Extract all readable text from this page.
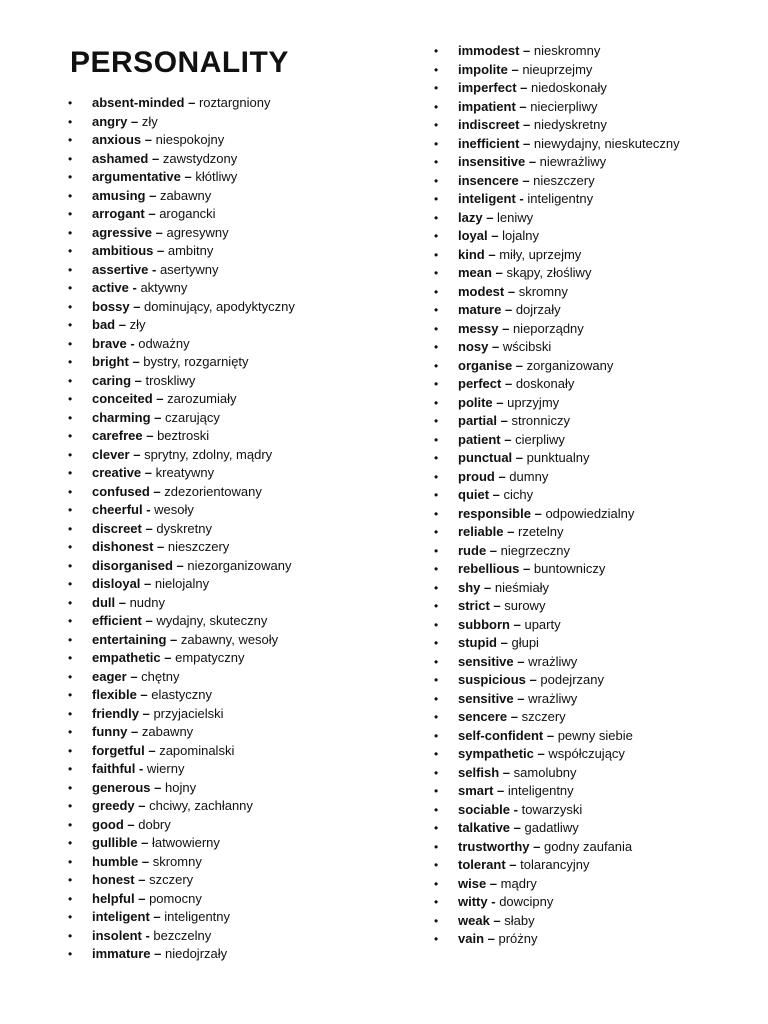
PERSONALITY
• absent-minded – roztargniony
• angry – zły
• anxious – niespokojny
• ashamed – zawstydzony
• argumentative – kłótliwy
• amusing – zabawny
• arrogant – arogancki
• agressive – agresywny
• ambitious – ambitny
• assertive - asertywny
• active - aktywny
• bossy – dominujący, apodyktyczny
• bad – zły
• brave - odważny
• bright – bystry, rozgarnięty
• caring – troskliwy
• conceited – zarozumiały
• charming – czarujący
• carefree – beztroski
• clever – sprytny, zdolny, mądry
• creative – kreatywny
• confused – zdezorientowany
• cheerful - wesoły
• discreet – dyskretny
• dishonest – nieszczery
• disorganised – niezorganizowany
• disloyal – nielojalny
• dull – nudny
• efficient – wydajny, skuteczny
• entertaining – zabawny, wesoły
• empathetic – empatyczny
• eager – chętny
• flexible – elastyczny
• friendly – przyjacielski
• funny – zabawny
• forgetful – zapominalski
• faithful - wierny
• generous – hojny
• greedy – chciwy, zachłanny
• good – dobry
• gullible – łatwowierny
• humble – skromny
• honest – szczery
• helpful – pomocny
• inteligent – inteligentny
• insolent - bezczelny
• immature – niedojrzały
• immodest – nieskromny
• impolite – nieuprzejmy
• imperfect – niedoskonały
• impatient – niecierpliwy
• indiscreet – niedyskretny
• inefficient – niewydajny, nieskuteczny
• insensitive – niewrażliwy
• insencere – nieszczery
• inteligent - inteligentny
• lazy – leniwy
• loyal – lojalny
• kind – miły, uprzejmy
• mean – skąpy, złośliwy
• modest – skromny
• mature – dojrzały
• messy – nieporządny
• nosy – wścibski
• organise – zorganizowany
• perfect – doskonały
• polite – uprzyjmy
• partial – stronniczy
• patient – cierpliwy
• punctual – punktualny
• proud – dumny
• quiet – cichy
• responsible – odpowiedzialny
• reliable – rzetelny
• rude – niegrzeczny
• rebellious – buntowniczy
• shy – nieśmiały
• strict – surowy
• subborn – uparty
• stupid – głupi
• sensitive – wrażliwy
• suspicious – podejrzany
• sensitive – wrażliwy
• sencere – szczery
• self-confident – pewny siebie
• sympathetic – współczujący
• selfish – samolubny
• smart – inteligentny
• sociable - towarzyski
• talkative – gadatliwy
• trustworthy – godny zaufania
• tolerant – tolarancyjny
• wise – mądry
• witty - dowcipny
• weak – słaby
• vain – próżny
